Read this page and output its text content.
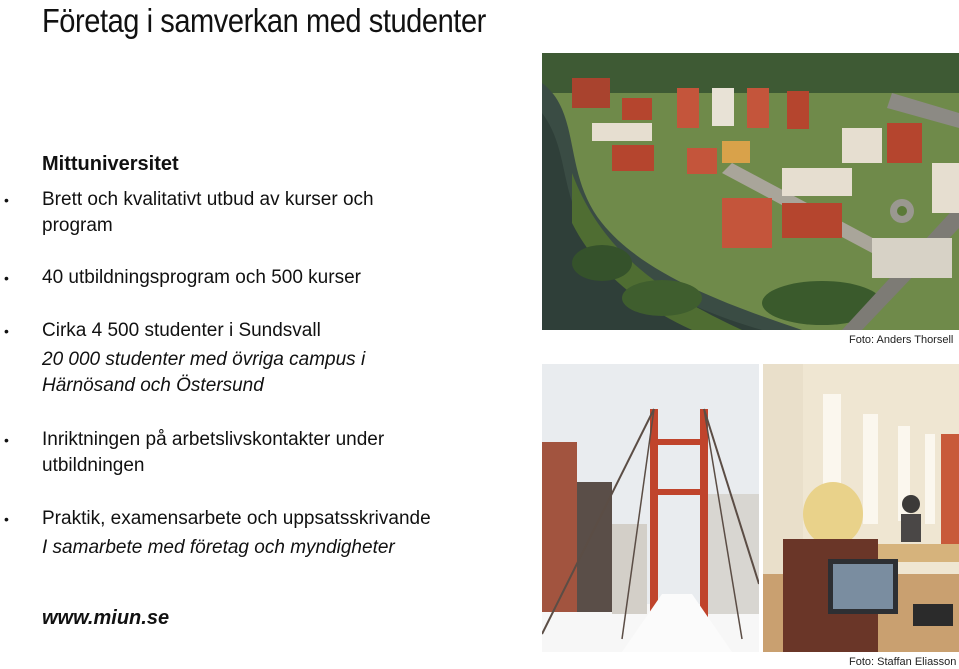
Företag i samverkan med studenter
Mittuniversitet
• Brett och kvalitativt utbud av kurser och program
• 40 utbildningsprogram och 500 kurser
• Cirka 4 500 studenter i Sundsvall
20 000 studenter med övriga campus i Härnösand och Östersund
• Inriktningen på arbetslivskontakter under utbildningen
• Praktik, examensarbete och uppsatsskrivande
I samarbete med företag och myndigheter
www.miun.se
Foto: Anders Thorsell
Foto: Staffan Eliasson
